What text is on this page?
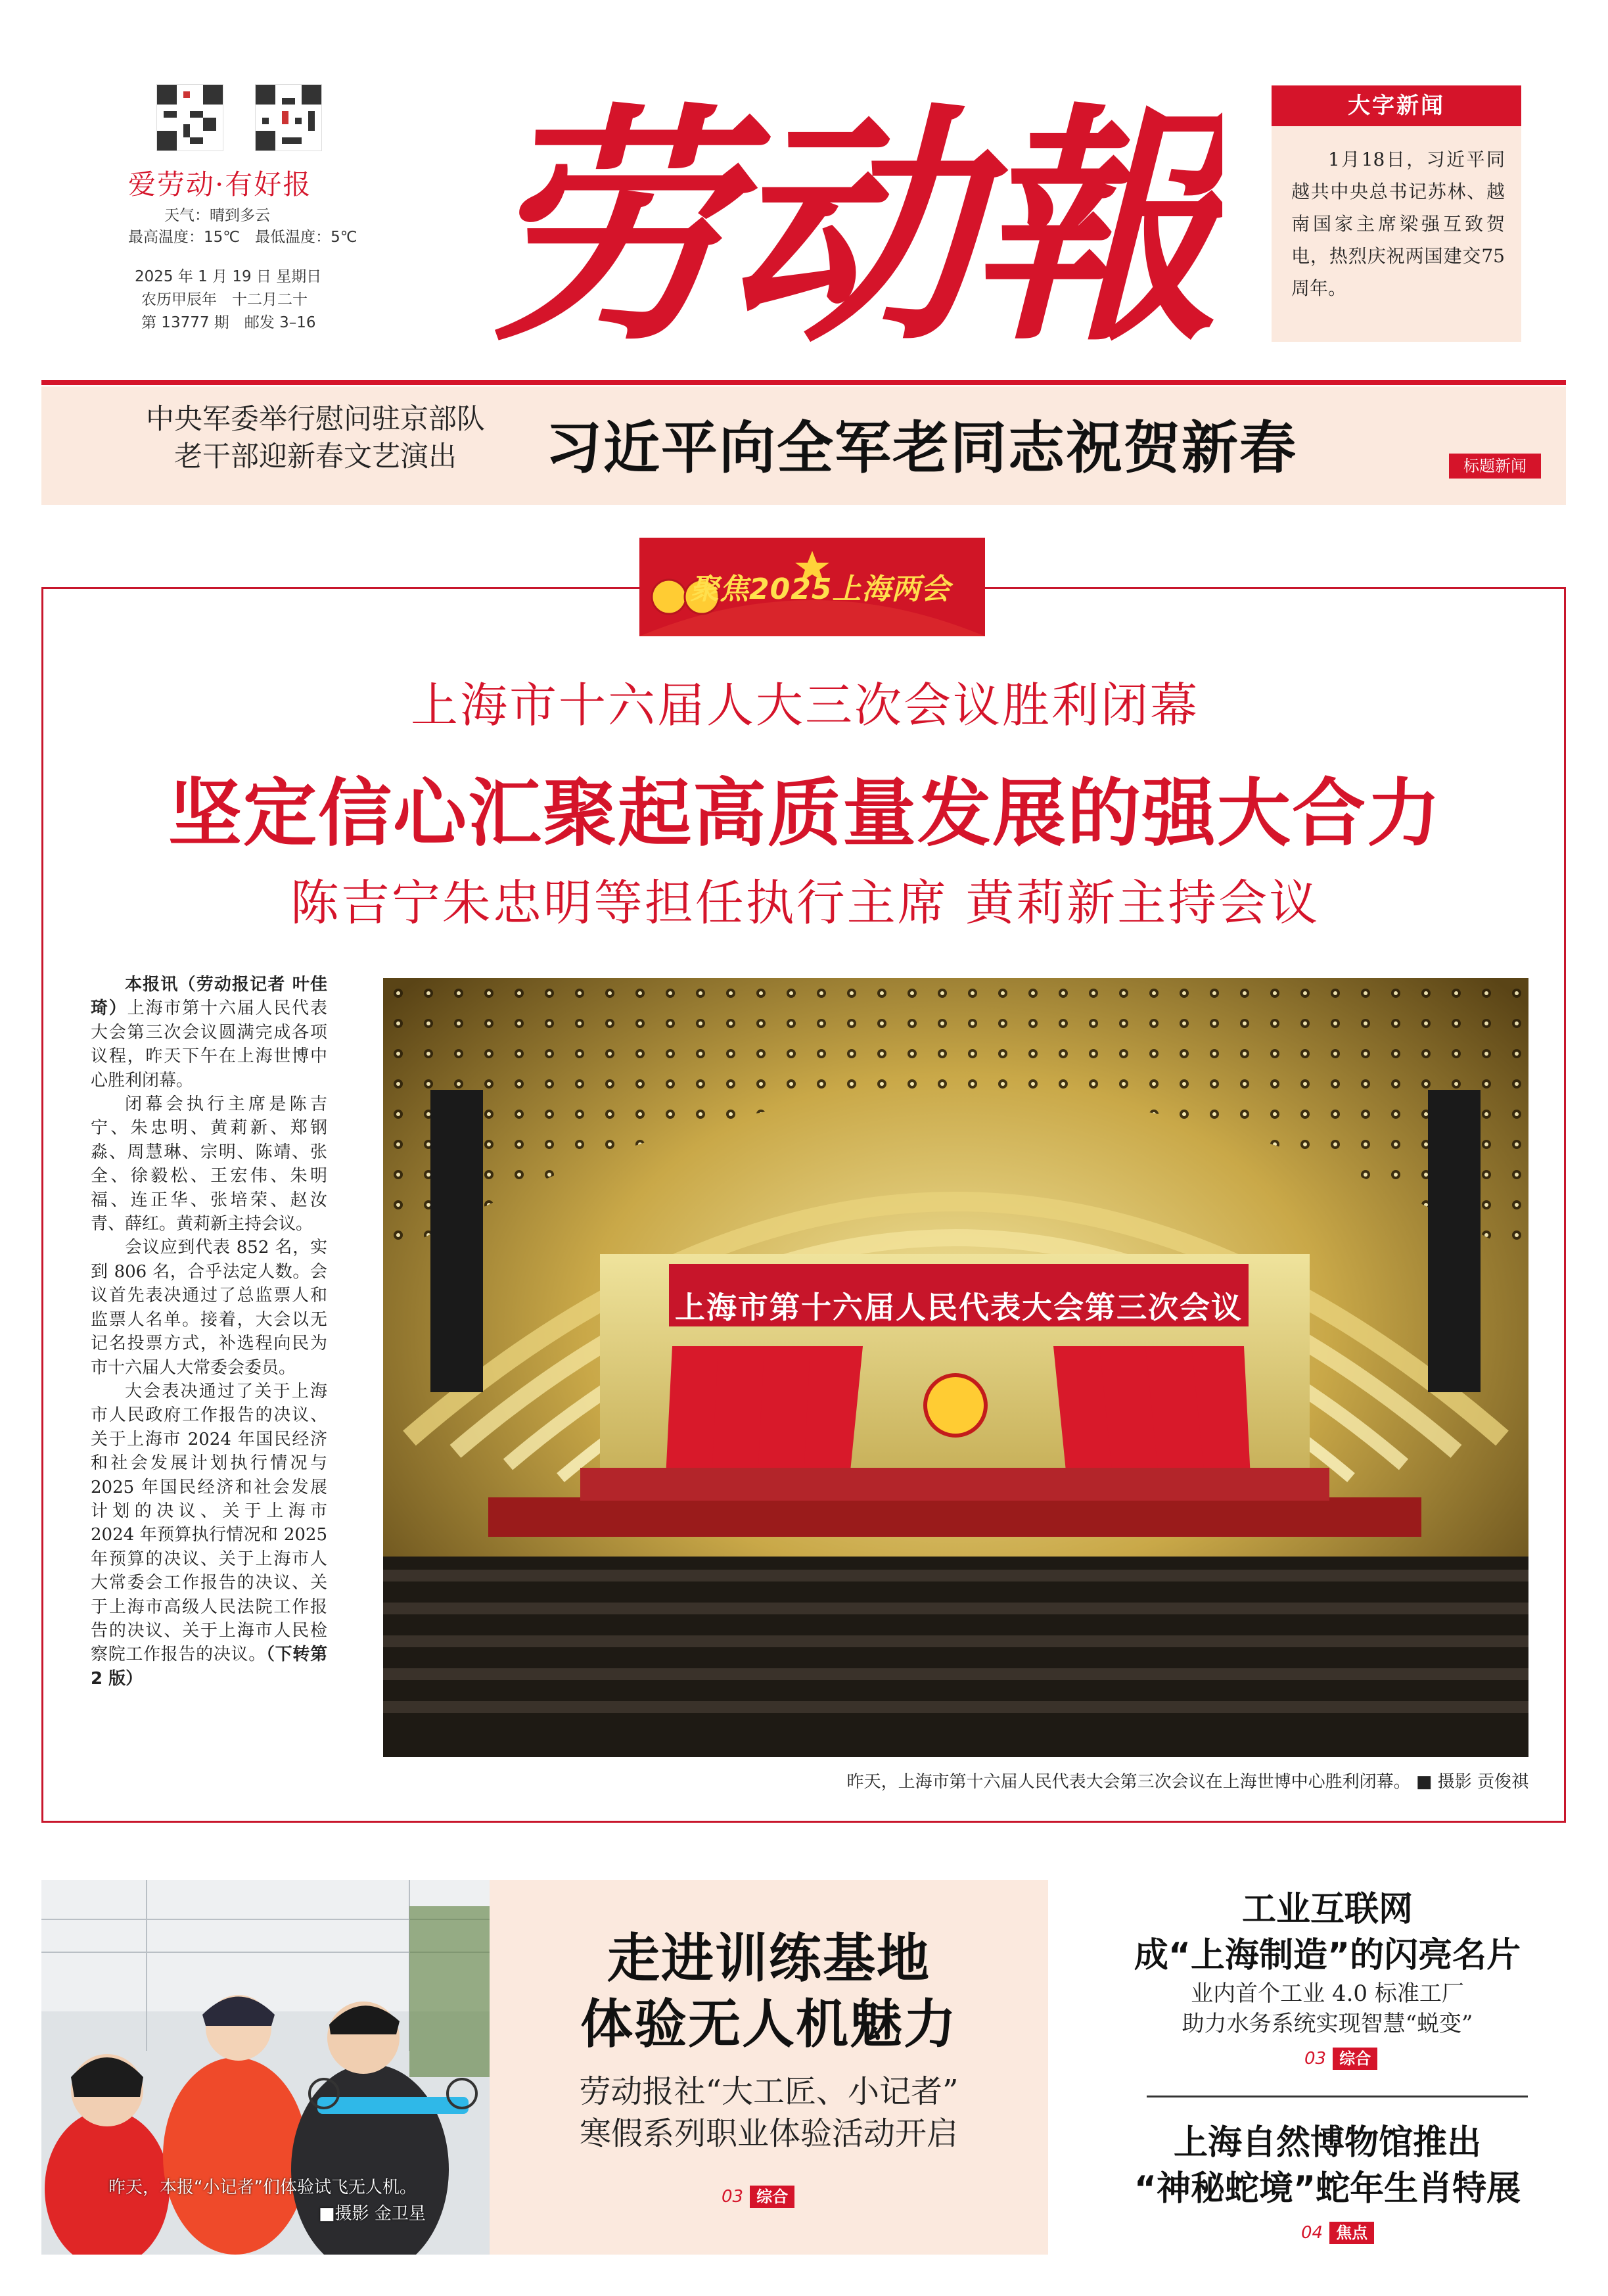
爱劳动·有好报
天气：晴到多云
最高温度：15℃　最低温度：5℃
2025 年 1 月 19 日 星期日
农历甲辰年　十二月二十
第 13777 期　邮发 3–16 劳动報	大字新闻
1月18日，习近平同越共中央总书记苏林、越南国家主席梁强互致贺电，热烈庆祝两国建交75周年。
中央军委举行慰问驻京部队
老干部迎新春文艺演出	习近平向全军老同志祝贺新春	标题新闻
聚焦2025上海两会
上海市十六届人大三次会议胜利闭幕
坚定信心汇聚起高质量发展的强大合力
陈吉宁朱忠明等担任执行主席 黄莉新主持会议

本报讯（劳动报记者 叶佳琦）上海市第十六届人民代表大会第三次会议圆满完成各项议程，昨天下午在上海世博中心胜利闭幕。

闭幕会执行主席是陈吉宁、朱忠明、黄莉新、郑钢淼、周慧琳、宗明、陈靖、张全、徐毅松、王宏伟、朱明福、连正华、张培荣、赵汝青、薛红。黄莉新主持会议。

会议应到代表 852 名，实到 806 名，合乎法定人数。会议首先表决通过了总监票人和监票人名单。接着，大会以无记名投票方式，补选程向民为市十六届人大常委会委员。

大会表决通过了关于上海市人民政府工作报告的决议、关于上海市 2024 年国民经济和社会发展计划执行情况与 2025 年国民经济和社会发展计划的决议、关于上海市 2024 年预算执行情况和 2025 年预算的决议、关于上海市人大常委会工作报告的决议、关于上海市高级人民法院工作报告的决议、关于上海市人民检察院工作报告的决议。（下转第 2 版）

上海市第十六届人民代表大会第三次会议
昨天，上海市第十六届人民代表大会第三次会议在上海世博中心胜利闭幕。 ■ 摄影 贡俊祺
昨天，本报“小记者”们体验试飞无人机。
■摄影 金卫星
走进训练基地
体验无人机魅力
劳动报社“大工匠、小记者”
寒假系列职业体验活动开启
03 综合
工业互联网
成“上海制造”的闪亮名片
业内首个工业 4.0 标准工厂
助力水务系统实现智慧“蜕变”
03 综合
上海自然博物馆推出
“神秘蛇境”蛇年生肖特展
04 焦点
